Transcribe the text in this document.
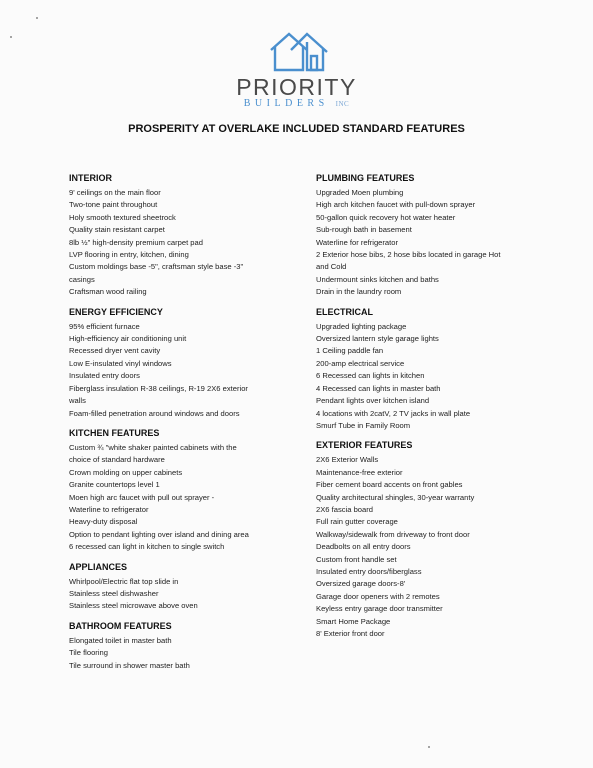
PRIORITY
BUILDERS INC
PROSPERITY AT OVERLAKE INCLUDED STANDARD FEATURES
INTERIOR
9' ceilings on the main floor
Two-tone paint throughout
Holy smooth textured sheetrock
Quality stain resistant carpet
8lb ½" high-density premium carpet pad
LVP flooring in entry, kitchen, dining
Custom moldings base -5", craftsman style base -3"
casings
Craftsman wood railing
ENERGY EFFICIENCY
95% efficient furnace
High-efficiency air conditioning unit
Recessed dryer vent cavity
Low E-insulated vinyl windows
Insulated entry doors
Fiberglass insulation R-38 ceilings, R-19 2X6 exterior
walls
Foam-filled penetration around windows and doors
KITCHEN FEATURES
Custom ¾ "white shaker painted cabinets with the
choice of standard hardware
Crown molding on upper cabinets
Granite countertops level 1
Moen high arc faucet with pull out sprayer -
Waterline to refrigerator
Heavy-duty disposal
Option to pendant lighting over island and dining area
6 recessed can light in kitchen to single switch
APPLIANCES
Whirlpool/Electric flat top slide in
Stainless steel dishwasher
Stainless steel microwave above oven
BATHROOM FEATURES
Elongated toilet in master bath
Tile flooring
Tile surround in shower master bath
PLUMBING FEATURES
Upgraded Moen plumbing
High arch kitchen faucet with pull-down sprayer
50-gallon quick recovery hot water heater
Sub-rough bath in basement
Waterline for refrigerator
2 Exterior hose bibs, 2 hose bibs located in garage Hot
and Cold
Undermount sinks kitchen and baths
Drain in the laundry room
ELECTRICAL
Upgraded lighting package
Oversized lantern style garage lights
1 Ceiling paddle fan
200-amp electrical service
6 Recessed can lights in kitchen
4 Recessed can lights in master bath
Pendant lights over kitchen island
4 locations with 2catV, 2 TV jacks in wall plate
Smurf Tube in Family Room
EXTERIOR FEATURES
2X6 Exterior Walls
Maintenance-free exterior
Fiber cement board accents on front gables
Quality architectural shingles, 30-year warranty
2X6 fascia board
Full rain gutter coverage
Walkway/sidewalk from driveway to front door
Deadbolts on all entry doors
Custom front handle set
Insulated entry doors/fiberglass
Oversized garage doors-8'
Garage door openers with 2 remotes
Keyless entry garage door transmitter
Smart Home Package
8' Exterior front door
